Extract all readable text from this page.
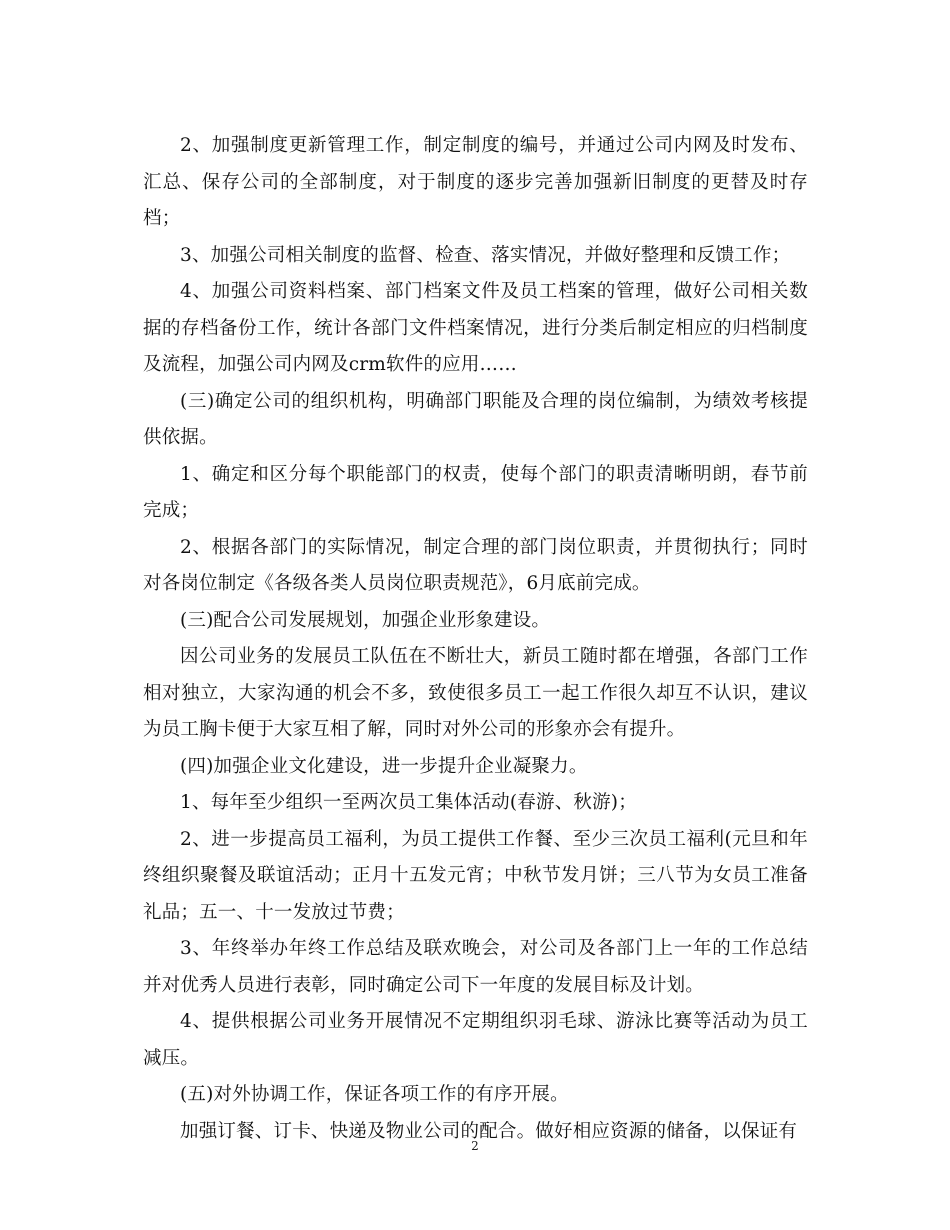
2、加强制度更新管理工作，制定制度的编号，并通过公司内网及时发布、汇总、保存公司的全部制度，对于制度的逐步完善加强新旧制度的更替及时存档；

3、加强公司相关制度的监督、检查、落实情况，并做好整理和反馈工作；

4、加强公司资料档案、部门档案文件及员工档案的管理，做好公司相关数据的存档备份工作，统计各部门文件档案情况，进行分类后制定相应的归档制度及流程，加强公司内网及crm软件的应用……

(三)确定公司的组织机构，明确部门职能及合理的岗位编制，为绩效考核提供依据。

1、确定和区分每个职能部门的权责，使每个部门的职责清晰明朗，春节前完成；

2、根据各部门的实际情况，制定合理的部门岗位职责，并贯彻执行；同时对各岗位制定《各级各类人员岗位职责规范》，6月底前完成。

(三)配合公司发展规划，加强企业形象建设。

因公司业务的发展员工队伍在不断壮大，新员工随时都在增强，各部门工作相对独立，大家沟通的机会不多，致使很多员工一起工作很久却互不认识，建议为员工胸卡便于大家互相了解，同时对外公司的形象亦会有提升。

(四)加强企业文化建设，进一步提升企业凝聚力。

1、每年至少组织一至两次员工集体活动(春游、秋游)；

2、进一步提高员工福利，为员工提供工作餐、至少三次员工福利(元旦和年终组织聚餐及联谊活动；正月十五发元宵；中秋节发月饼；三八节为女员工准备礼品；五一、十一发放过节费；

3、年终举办年终工作总结及联欢晚会，对公司及各部门上一年的工作总结并对优秀人员进行表彰，同时确定公司下一年度的发展目标及计划。

4、提供根据公司业务开展情况不定期组织羽毛球、游泳比赛等活动为员工减压。

(五)对外协调工作，保证各项工作的有序开展。

加强订餐、订卡、快递及物业公司的配合。做好相应资源的储备，以保证有

2
